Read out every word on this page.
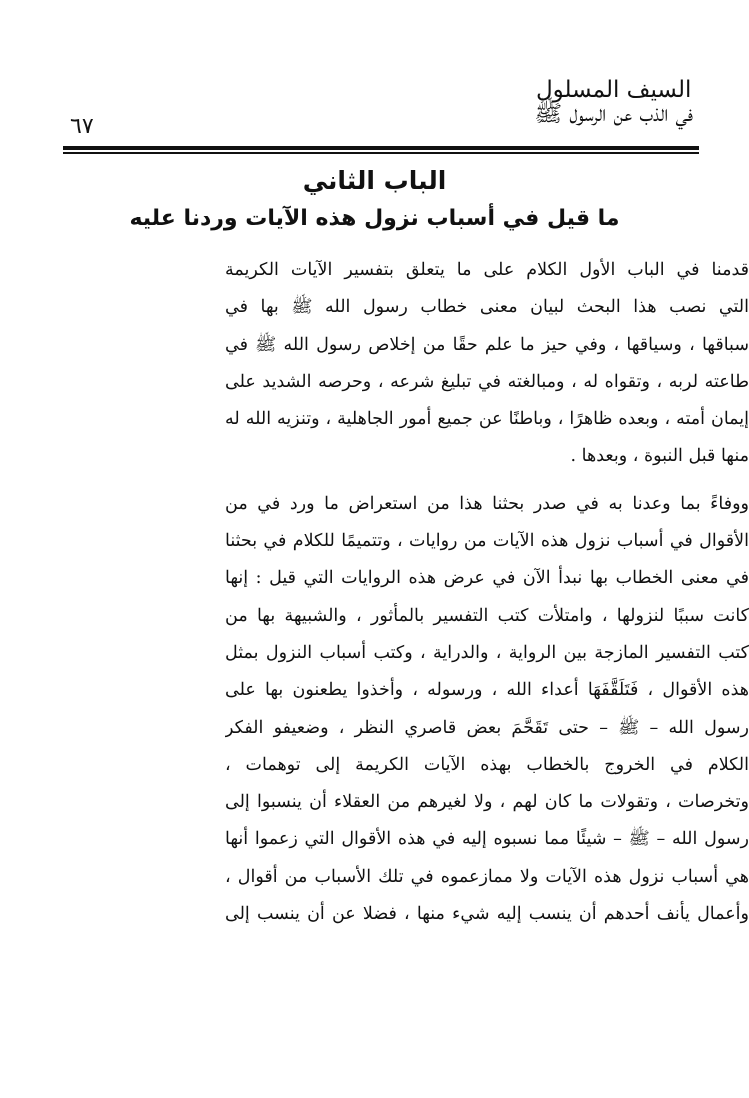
السيف المسلول
في الذب عن الرسول ﷺ
٦٧
الباب الثاني
ما قيل في أسباب نزول هذه الآيات وردنا عليه
قدمنا في الباب الأول الكلام على ما يتعلق بتفسير الآيات الكريمة
التي نصب هذا البحث لبيان معنى خطاب رسول الله ﷺ بها في
سباقها ، وسياقها ، وفي حيز ما علم حقًا من إخلاص رسول الله ﷺ في
طاعته لربه ، وتقواه له ، ومبالغته في تبليغ شرعه ، وحرصه الشديد على
إيمان أمته ، وبعده ظاهرًا ، وباطنًا عن جميع أمور الجاهلية ، وتنزيه الله له
منها قبل النبوة ، وبعدها .
ووفاءً بما وعدنا به في صدر بحثنا هذا من استعراض ما ورد في من
الأقوال في أسباب نزول هذه الآيات من روايات ، وتتميمًا للكلام في بحثنا
في معنى الخطاب بها نبدأ الآن في عرض هذه الروايات التي قيل : إنها
كانت سببًا لنزولها ، وامتلأت كتب التفسير بالمأثور ، والشبيهة بها من
كتب التفسير المازجة بين الرواية ، والدراية ، وكتب أسباب النزول بمثل
هذه الأقوال ، فَتَلَقَّفَهَا أعداء الله ، ورسوله ، وأخذوا يطعنون بها على
رسول الله – ﷺ – حتى تَقَحَّمَ بعض قاصري النظر ، وضعيفو الفكر
الكلام في الخروج بالخطاب بهذه الآيات الكريمة إلى توهمات ،
وتخرصات ، وتقولات ما كان لهم ، ولا لغيرهم من العقلاء أن ينسبوا إلى
رسول الله – ﷺ – شيئًا مما نسبوه إليه في هذه الأقوال التي زعموا أنها
هي أسباب نزول هذه الآيات ولا ممازعموه في تلك الأسباب من أقوال ،
وأعمال يأنف أحدهم أن ينسب إليه شيء منها ، فضلا عن أن ينسب إلى
